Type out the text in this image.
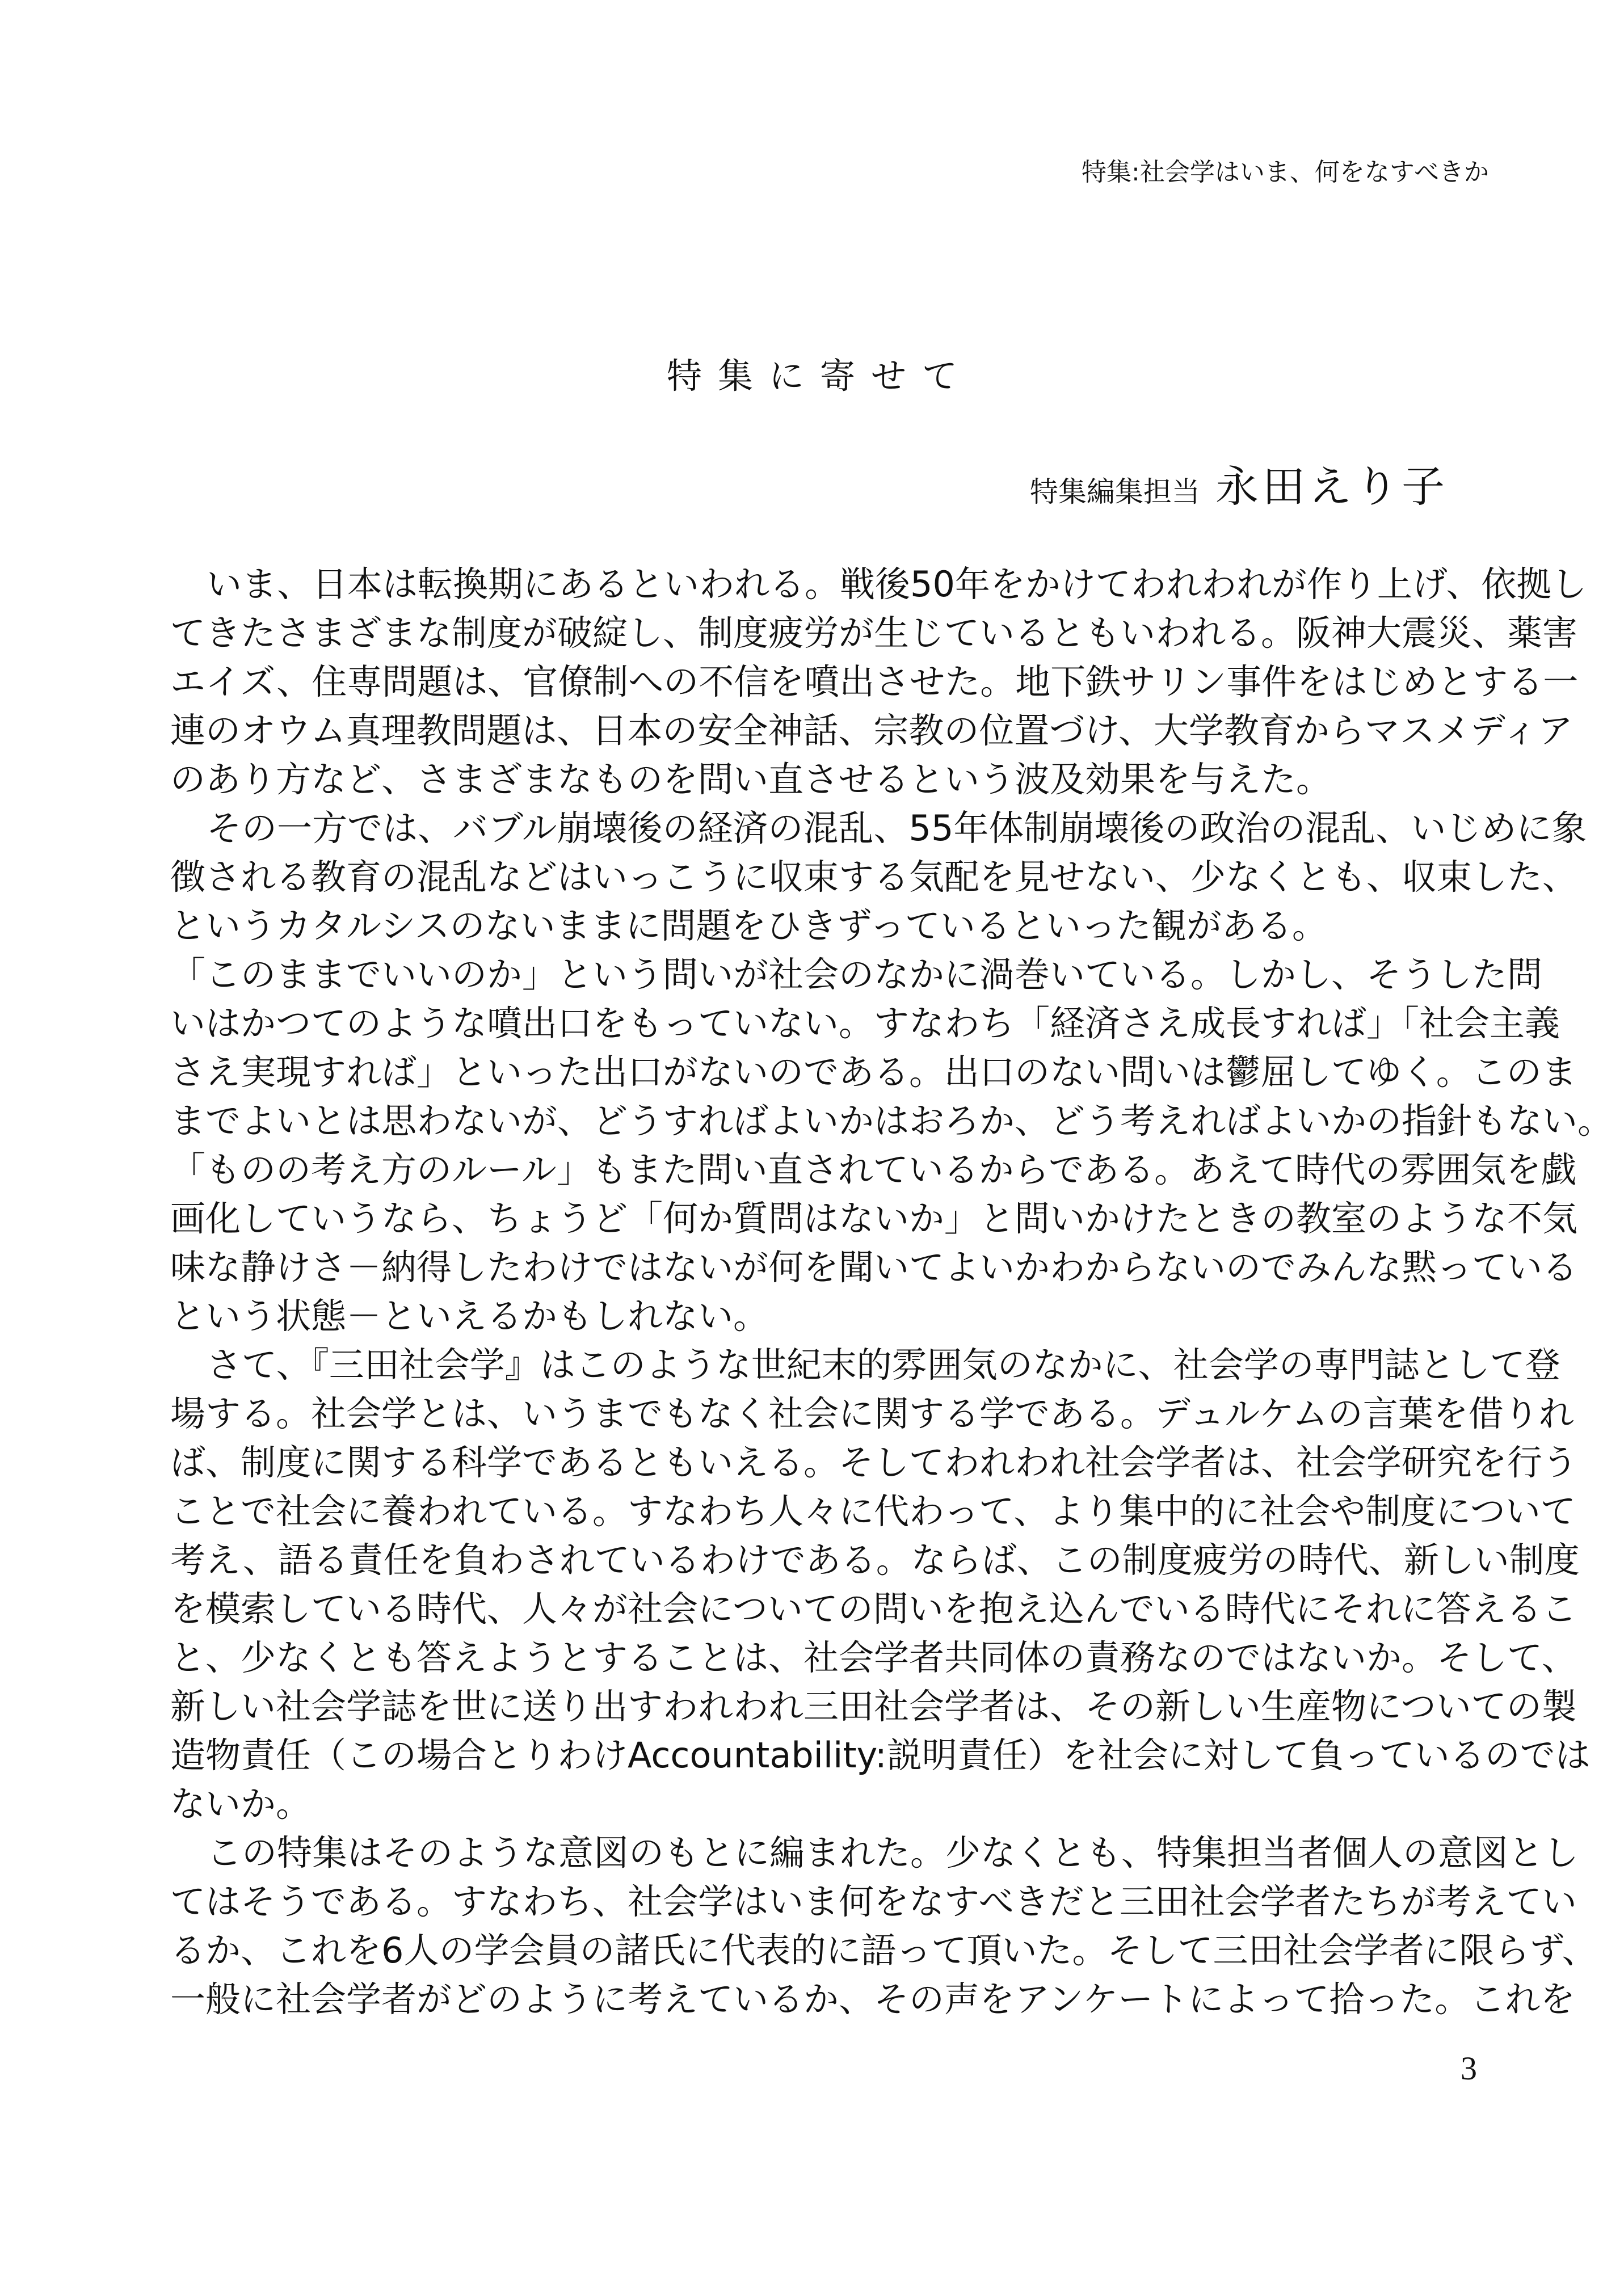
特集:社会学はいま、何をなすべきか
特集に寄せて
特集編集担当 永田えり子
いま、日本は転換期にあるといわれる。戦後50年をかけてわれわれが作り上げ、依拠し
てきたさまざまな制度が破綻し、制度疲労が生じているともいわれる。阪神大震災、薬害
エイズ、住専問題は、官僚制への不信を噴出させた。地下鉄サリン事件をはじめとする一
連のオウム真理教問題は、日本の安全神話、宗教の位置づけ、大学教育からマスメディア
のあり方など、さまざまなものを問い直させるという波及効果を与えた。
その一方では、バブル崩壊後の経済の混乱、55年体制崩壊後の政治の混乱、いじめに象
徴される教育の混乱などはいっこうに収束する気配を見せない、少なくとも、収束した、
というカタルシスのないままに問題をひきずっているといった観がある。
「このままでいいのか」という問いが社会のなかに渦巻いている。しかし、そうした問
いはかつてのような噴出口をもっていない。すなわち「経済さえ成長すれば」「社会主義
さえ実現すれば」といった出口がないのである。出口のない問いは鬱屈してゆく。このま
までよいとは思わないが、どうすればよいかはおろか、どう考えればよいかの指針もない。
「ものの考え方のルール」もまた問い直されているからである。あえて時代の雰囲気を戯
画化していうなら、ちょうど「何か質問はないか」と問いかけたときの教室のような不気
味な静けさ－納得したわけではないが何を聞いてよいかわからないのでみんな黙っている
という状態－といえるかもしれない。
さて、『三田社会学』はこのような世紀末的雰囲気のなかに、社会学の専門誌として登
場する。社会学とは、いうまでもなく社会に関する学である。デュルケムの言葉を借りれ
ば、制度に関する科学であるともいえる。そしてわれわれ社会学者は、社会学研究を行う
ことで社会に養われている。すなわち人々に代わって、より集中的に社会や制度について
考え、語る責任を負わされているわけである。ならば、この制度疲労の時代、新しい制度
を模索している時代、人々が社会についての問いを抱え込んでいる時代にそれに答えるこ
と、少なくとも答えようとすることは、社会学者共同体の責務なのではないか。そして、
新しい社会学誌を世に送り出すわれわれ三田社会学者は、その新しい生産物についての製
造物責任（この場合とりわけAccountability:説明責任）を社会に対して負っているのでは
ないか。
この特集はそのような意図のもとに編まれた。少なくとも、特集担当者個人の意図とし
てはそうである。すなわち、社会学はいま何をなすべきだと三田社会学者たちが考えてい
るか、これを6人の学会員の諸氏に代表的に語って頂いた。そして三田社会学者に限らず、
一般に社会学者がどのように考えているか、その声をアンケートによって拾った。これを
3
